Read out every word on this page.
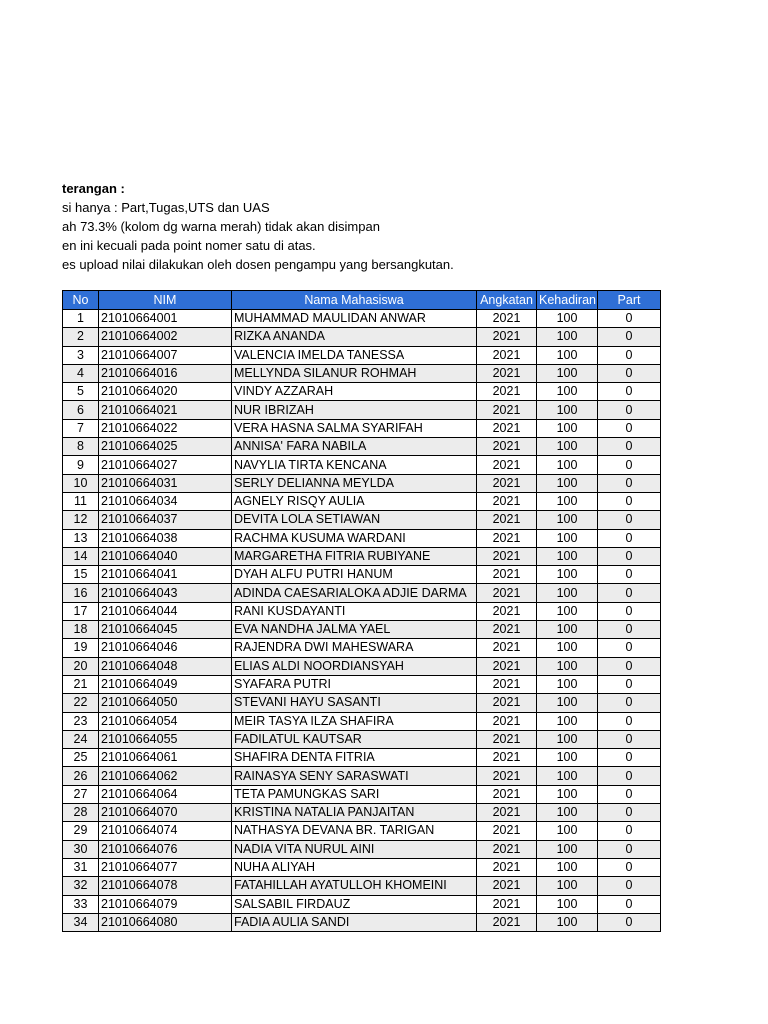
terangan :
si hanya : Part,Tugas,UTS dan UAS
ah 73.3% (kolom dg warna merah) tidak akan disimpan
en ini kecuali pada point nomer satu di atas.
es upload nilai dilakukan oleh dosen pengampu yang bersangkutan.
No	NIM	Nama Mahasiswa	Angkatan	Kehadiran	Part
1	21010664001	MUHAMMAD MAULIDAN ANWAR	2021	100	0
2	21010664002	RIZKA ANANDA	2021	100	0
3	21010664007	VALENCIA IMELDA TANESSA	2021	100	0
4	21010664016	MELLYNDA SILANUR ROHMAH	2021	100	0
5	21010664020	VINDY AZZARAH	2021	100	0
6	21010664021	NUR IBRIZAH	2021	100	0
7	21010664022	VERA HASNA SALMA SYARIFAH	2021	100	0
8	21010664025	ANNISA' FARA NABILA	2021	100	0
9	21010664027	NAVYLIA TIRTA KENCANA	2021	100	0
10	21010664031	SERLY DELIANNA MEYLDA	2021	100	0
11	21010664034	AGNELY RISQY AULIA	2021	100	0
12	21010664037	DEVITA LOLA SETIAWAN	2021	100	0
13	21010664038	RACHMA KUSUMA WARDANI	2021	100	0
14	21010664040	MARGARETHA FITRIA RUBIYANE	2021	100	0
15	21010664041	DYAH ALFU PUTRI HANUM	2021	100	0
16	21010664043	ADINDA CAESARIALOKA ADJIE DARMA	2021	100	0
17	21010664044	RANI KUSDAYANTI	2021	100	0
18	21010664045	EVA NANDHA JALMA YAEL	2021	100	0
19	21010664046	RAJENDRA DWI MAHESWARA	2021	100	0
20	21010664048	ELIAS ALDI NOORDIANSYAH	2021	100	0
21	21010664049	SYAFARA PUTRI	2021	100	0
22	21010664050	STEVANI HAYU SASANTI	2021	100	0
23	21010664054	MEIR TASYA ILZA SHAFIRA	2021	100	0
24	21010664055	FADILATUL KAUTSAR	2021	100	0
25	21010664061	SHAFIRA DENTA FITRIA	2021	100	0
26	21010664062	RAINASYA SENY SARASWATI	2021	100	0
27	21010664064	TETA PAMUNGKAS SARI	2021	100	0
28	21010664070	KRISTINA NATALIA PANJAITAN	2021	100	0
29	21010664074	NATHASYA DEVANA BR. TARIGAN	2021	100	0
30	21010664076	NADIA VITA NURUL AINI	2021	100	0
31	21010664077	NUHA ALIYAH	2021	100	0
32	21010664078	FATAHILLAH AYATULLOH KHOMEINI	2021	100	0
33	21010664079	SALSABIL FIRDAUZ	2021	100	0
34	21010664080	FADIA AULIA SANDI	2021	100	0
